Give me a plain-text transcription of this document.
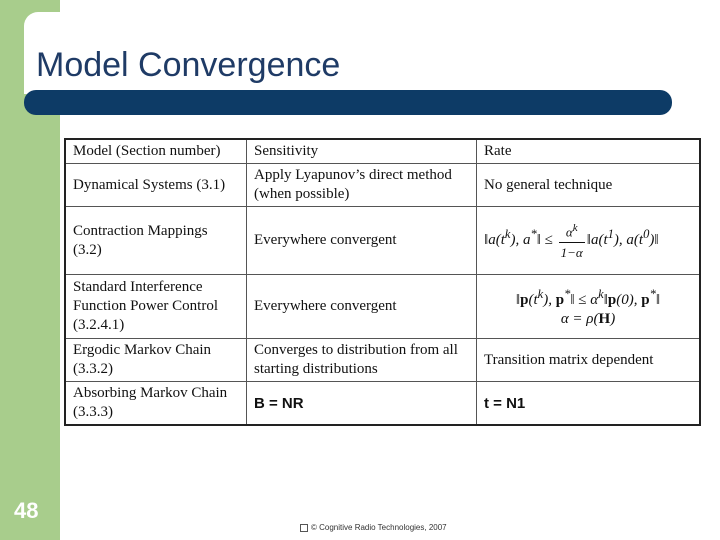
Model Convergence
Model (Section number)	Sensitivity	Rate
Dynamical Systems (3.1)	Apply Lyapunov’s direct method (when possible)	No general technique
Contraction Mappings (3.2)	Everywhere convergent	$‖a(t^k)$, a*‖ ≤ $\frac{\alpha^k}{1-\alpha}$ $‖a(t^1)$, $a(t^0)‖$
Standard Interference Function Power Control (3.2.4.1)	Everywhere convergent	$‖p(t^k)$, p*‖ ≤ $\alpha^k‖p(0)$, p*‖
α = ρ(H)

Ergodic Markov Chain (3.3.2)	Converges to distribution from all starting distributions	Transition matrix dependent
Absorbing Markov Chain (3.3.3)	B = NR	t = N1
48
© Cognitive Radio Technologies, 2007
